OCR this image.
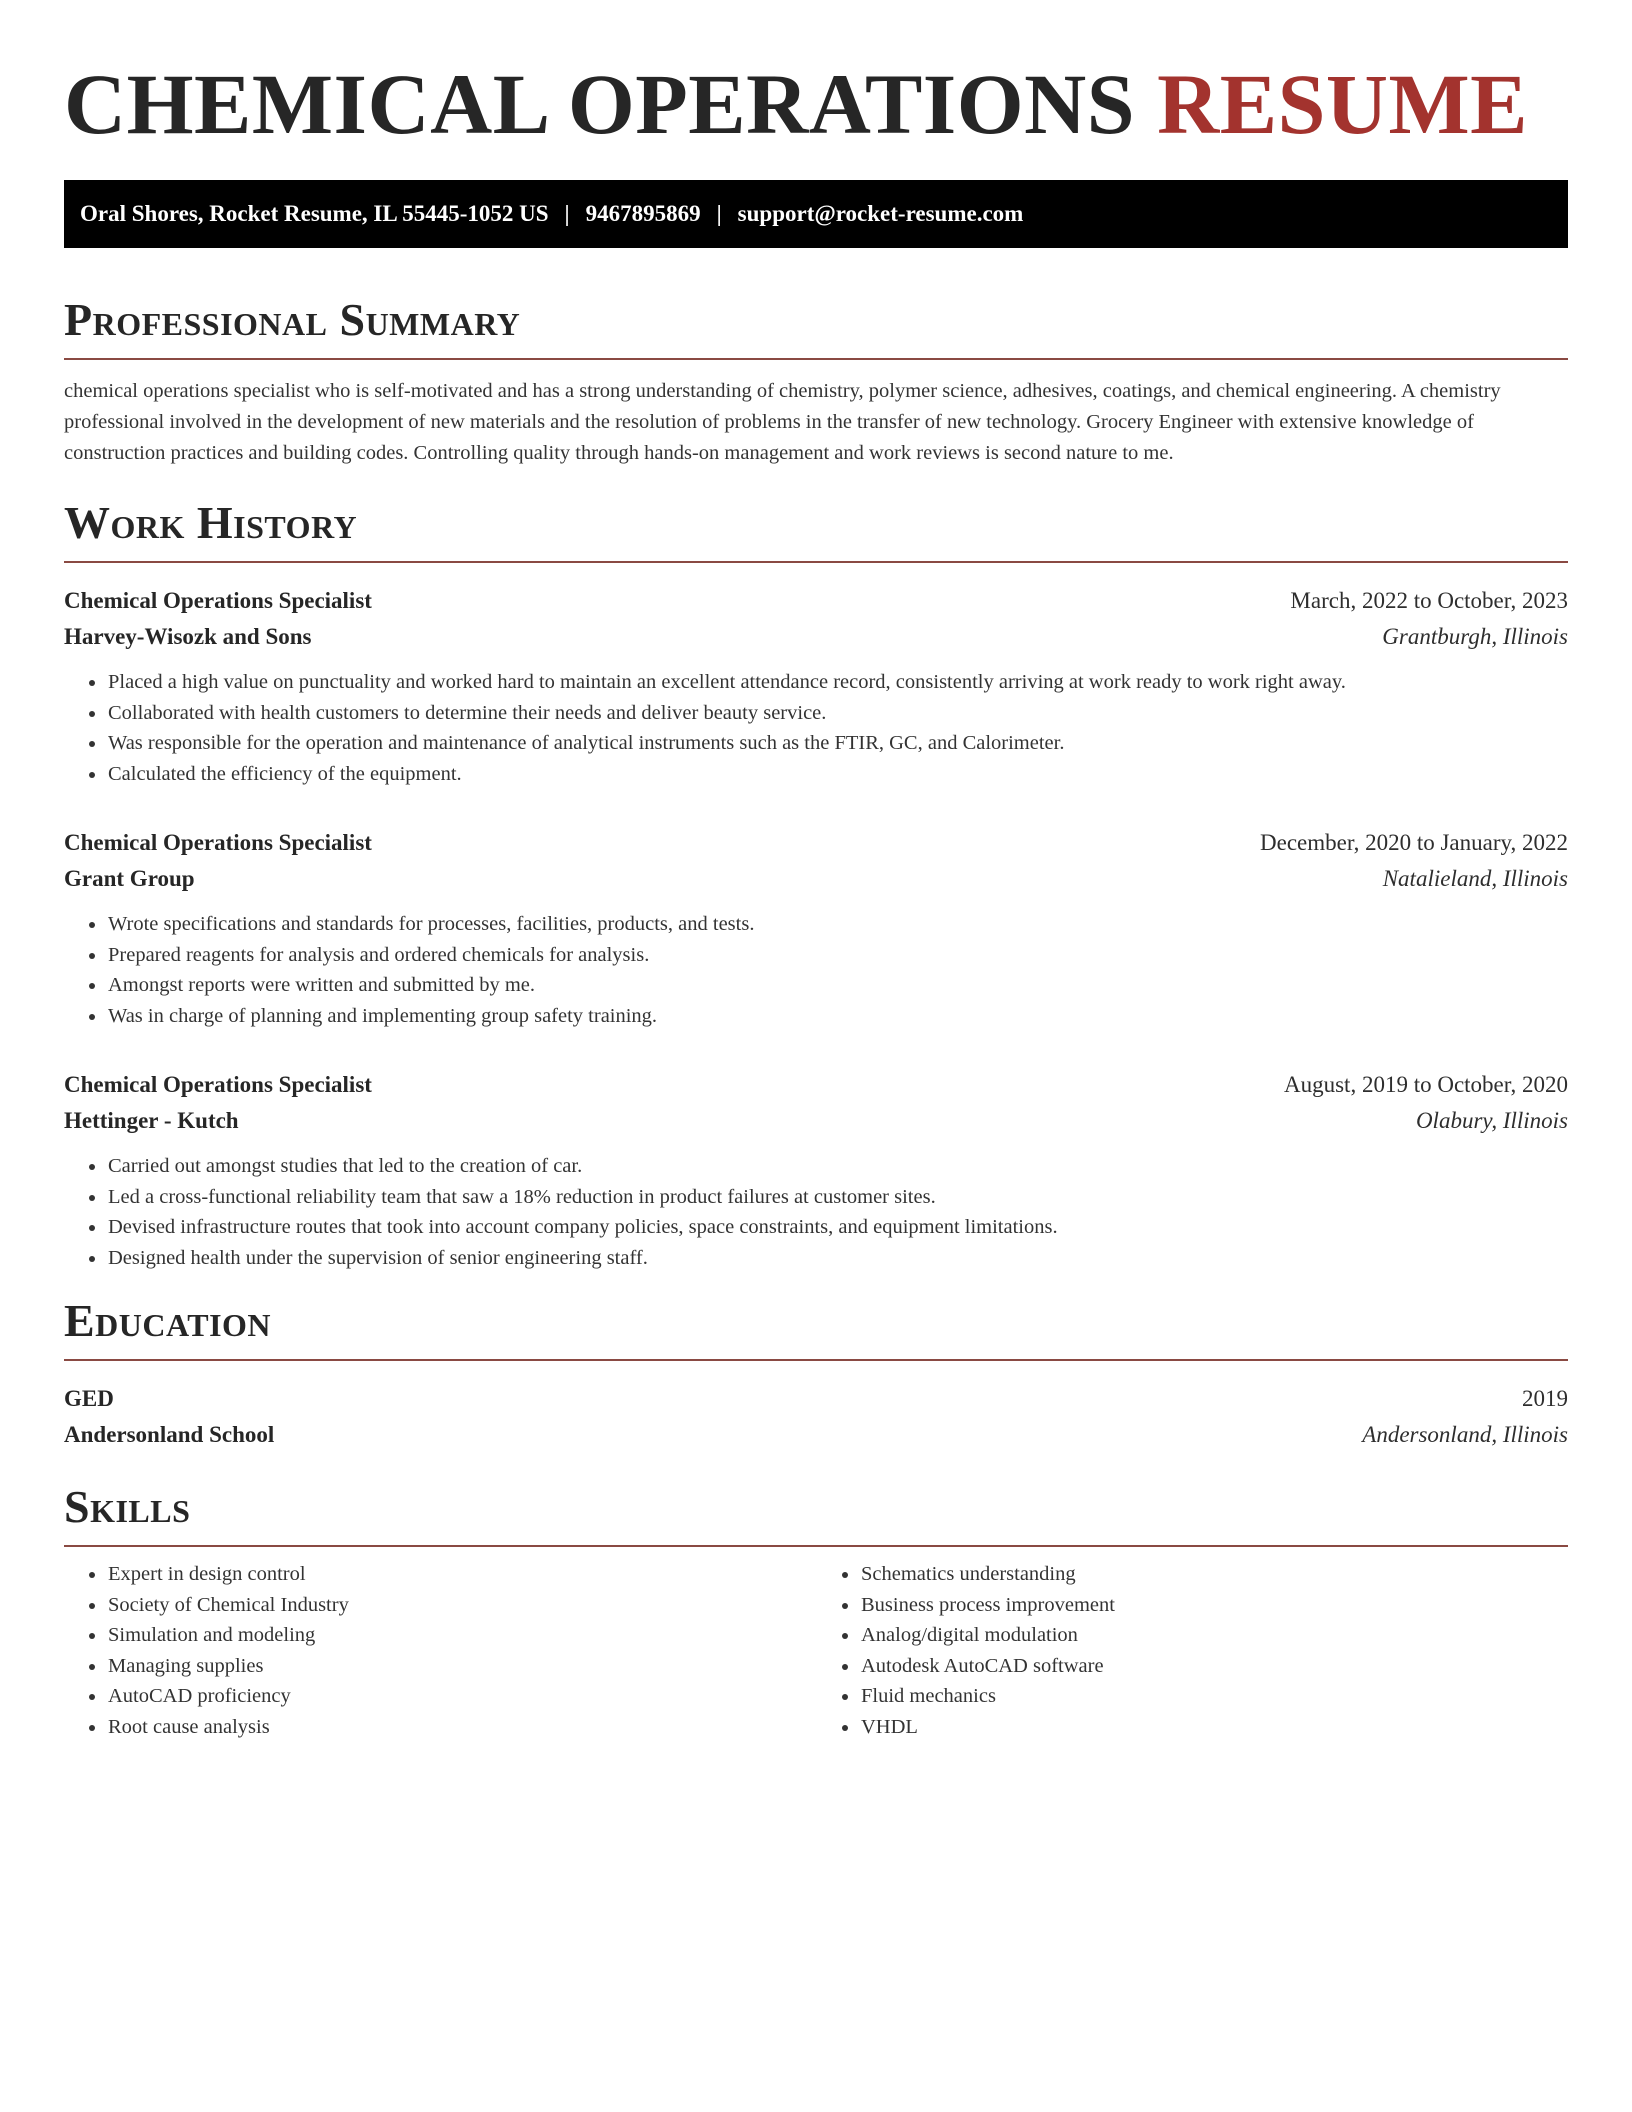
CHEMICAL OPERATIONS RESUME
Oral Shores, Rocket Resume, IL 55445-1052 US | 9467895869 | support@rocket-resume.com
Professional Summary

chemical operations specialist who is self-motivated and has a strong understanding of chemistry, polymer science, adhesives, coatings, and chemical engineering. A chemistry professional involved in the development of new materials and the resolution of problems in the transfer of new technology. Grocery Engineer with extensive knowledge of construction practices and building codes. Controlling quality through hands-on management and work reviews is second nature to me.

Work History
Chemical Operations Specialist	March, 2022 to October, 2023
Harvey-Wisozk and Sons	Grantburgh, Illinois
• Placed a high value on punctuality and worked hard to maintain an excellent attendance record, consistently arriving at work ready to work right away.
• Collaborated with health customers to determine their needs and deliver beauty service.
• Was responsible for the operation and maintenance of analytical instruments such as the FTIR, GC, and Calorimeter.
• Calculated the efficiency of the equipment.
Chemical Operations Specialist	December, 2020 to January, 2022
Grant Group	Natalieland, Illinois
• Wrote specifications and standards for processes, facilities, products, and tests.
• Prepared reagents for analysis and ordered chemicals for analysis.
• Amongst reports were written and submitted by me.
• Was in charge of planning and implementing group safety training.
Chemical Operations Specialist	August, 2019 to October, 2020
Hettinger - Kutch	Olabury, Illinois
• Carried out amongst studies that led to the creation of car.
• Led a cross-functional reliability team that saw a 18% reduction in product failures at customer sites.
• Devised infrastructure routes that took into account company policies, space constraints, and equipment limitations.
• Designed health under the supervision of senior engineering staff.
Education
GED	2019
Andersonland School	Andersonland, Illinois
Skills
• Expert in design control
• Society of Chemical Industry
• Simulation and modeling
• Managing supplies
• AutoCAD proficiency
• Root cause analysis
• Schematics understanding
• Business process improvement
• Analog/digital modulation
• Autodesk AutoCAD software
• Fluid mechanics
• VHDL
